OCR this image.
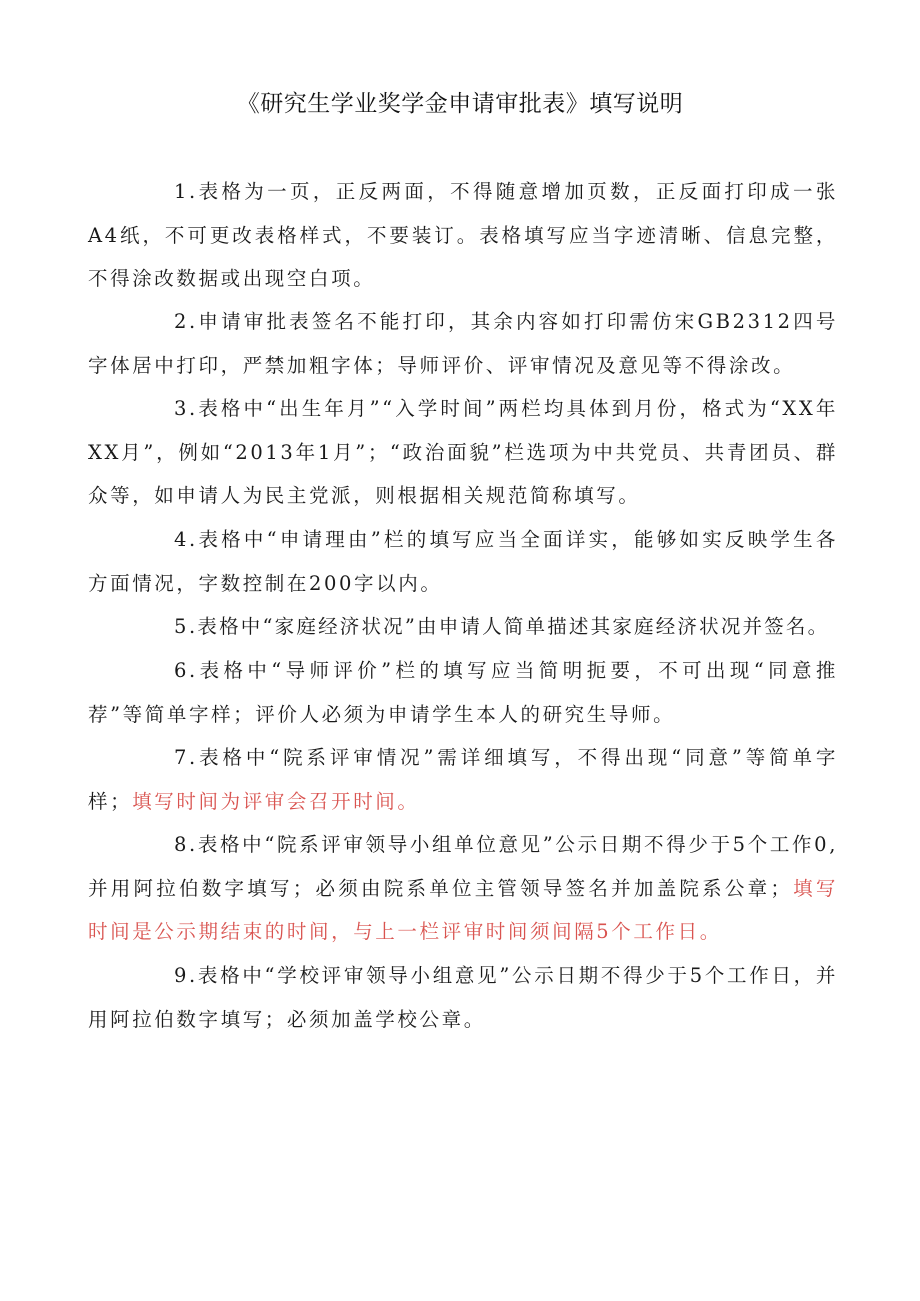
《研究生学业奖学金申请审批表》填写说明

1.表格为一页，正反两面，不得随意增加页数，正反面打印成一张A4纸，不可更改表格样式，不要装订。表格填写应当字迹清晰、信息完整，不得涂改数据或出现空白项。

2.申请审批表签名不能打印，其余内容如打印需仿宋GB2312四号字体居中打印，严禁加粗字体；导师评价、评审情况及意见等不得涂改。

3.表格中“出生年月”“入学时间”两栏均具体到月份，格式为“XX年XX月”，例如“2013年1月”；“政治面貌”栏选项为中共党员、共青团员、群众等，如申请人为民主党派，则根据相关规范简称填写。

4.表格中“申请理由”栏的填写应当全面详实，能够如实反映学生各方面情况，字数控制在200字以内。

5.表格中“家庭经济状况”由申请人简单描述其家庭经济状况并签名。

6.表格中“导师评价”栏的填写应当简明扼要，不可出现“同意推荐”等简单字样；评价人必须为申请学生本人的研究生导师。

7.表格中“院系评审情况”需详细填写，不得出现“同意”等简单字样；填写时间为评审会召开时间。

8.表格中“院系评审领导小组单位意见”公示日期不得少于5个工作0,并用阿拉伯数字填写；必须由院系单位主管领导签名并加盖院系公章；填写时间是公示期结束的时间，与上一栏评审时间须间隔5个工作日。

9.表格中“学校评审领导小组意见”公示日期不得少于5个工作日，并用阿拉伯数字填写；必须加盖学校公章。
